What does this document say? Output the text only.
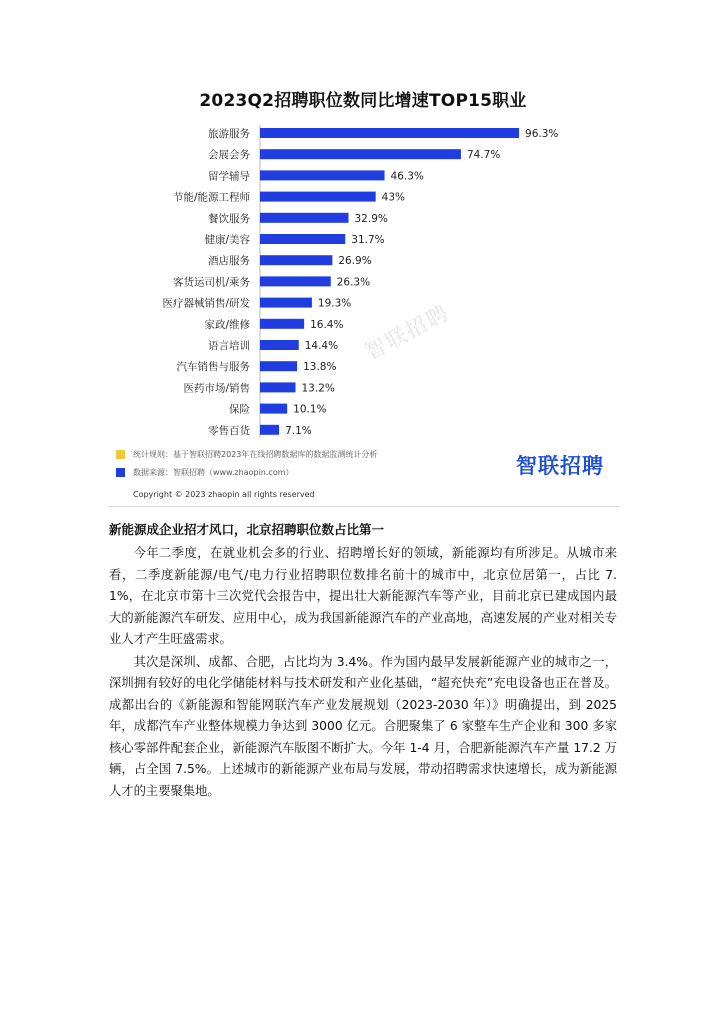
2023Q2招聘职位数同比增速TOP15职业
智联招聘
旅游服务	96.3%
会展会务	74.7%
留学辅导	46.3%
节能/能源工程师	43%
餐饮服务	32.9%
健康/美容	31.7%
酒店服务	26.9%
客货运司机/乘务	26.3%
医疗器械销售/研发	19.3%
家政/维修	16.4%
语言培训	14.4%
汽车销售与服务	13.8%
医药市场/销售	13.2%
保险	10.1%
零售百货	7.1%
统计规则：基于智联招聘2023年在线招聘数据库的数据监测统计分析
数据来源：智联招聘（www.zhaopin.com）	智联招聘
Copyright © 2023 zhaopin all rights reserved
新能源成企业招才风口，北京招聘职位数占比第一

今年二季度，在就业机会多的行业、招聘增长好的领域，新能源均有所涉足。从城市来看，二季度新能源/电气/电力行业招聘职位数排名前十的城市中，北京位居第一，占比 7.1%，在北京市第十三次党代会报告中，提出壮大新能源汽车等产业，目前北京已建成国内最大的新能源汽车研发、应用中心，成为我国新能源汽车的产业高地，高速发展的产业对相关专业人才产生旺盛需求。

其次是深圳、成都、合肥，占比均为 3.4%。作为国内最早发展新能源产业的城市之一，深圳拥有较好的电化学储能材料与技术研发和产业化基础，“超充快充”充电设备也正在普及。成都出台的《新能源和智能网联汽车产业发展规划（2023-2030 年）》明确提出，到 2025 年，成都汽车产业整体规模力争达到 3000 亿元。合肥聚集了 6 家整车生产企业和 300 多家核心零部件配套企业，新能源汽车版图不断扩大。今年 1-4 月，合肥新能源汽车产量 17.2 万辆，占全国 7.5%。上述城市的新能源产业布局与发展，带动招聘需求快速增长，成为新能源人才的主要聚集地。
